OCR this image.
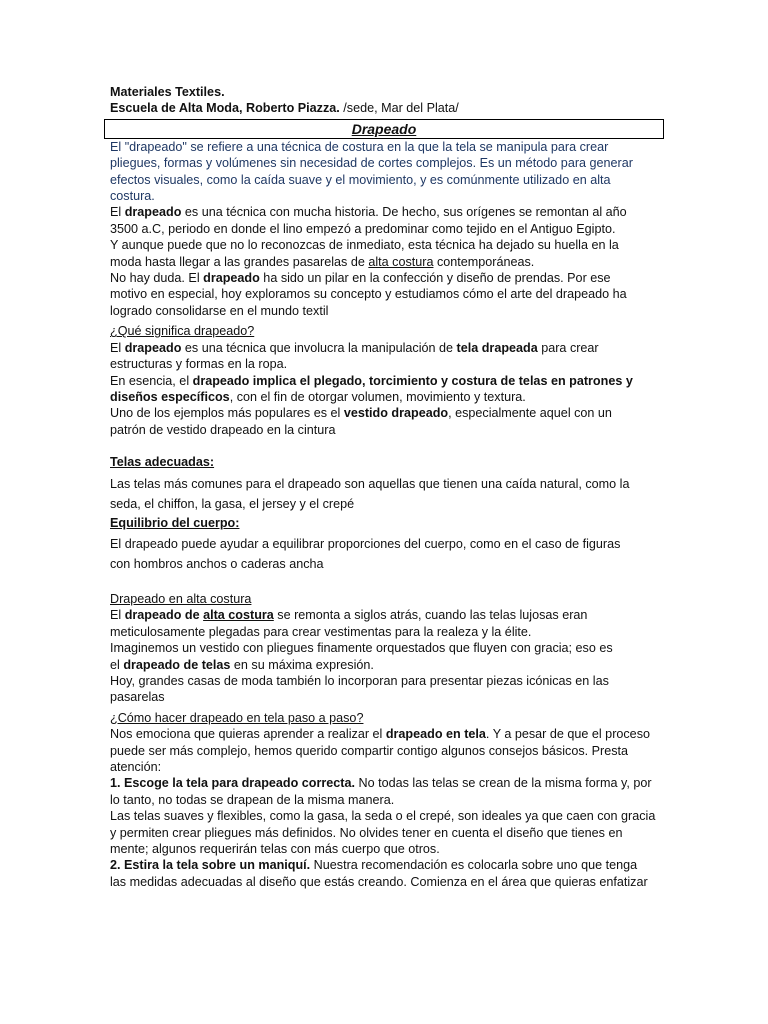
Materiales Textiles.
Escuela de Alta Moda, Roberto Piazza. /sede, Mar del Plata/
Drapeado
El "drapeado" se refiere a una técnica de costura en la que la tela se manipula para crear
pliegues, formas y volúmenes sin necesidad de cortes complejos. Es un método para generar
efectos visuales, como la caída suave y el movimiento, y es comúnmente utilizado en alta
costura.
El drapeado es una técnica con mucha historia. De hecho, sus orígenes se remontan al año
3500 a.C, periodo en donde el lino empezó a predominar como tejido en el Antiguo Egipto.
Y aunque puede que no lo reconozcas de inmediato, esta técnica ha dejado su huella en la
moda hasta llegar a las grandes pasarelas de alta costura contemporáneas.
No hay duda. El drapeado ha sido un pilar en la confección y diseño de prendas. Por ese
motivo en especial, hoy exploramos su concepto y estudiamos cómo el arte del drapeado ha
logrado consolidarse en el mundo textil
¿Qué significa drapeado?
El drapeado es una técnica que involucra la manipulación de tela drapeada para crear
estructuras y formas en la ropa.
En esencia, el drapeado implica el plegado, torcimiento y costura de telas en patrones y
diseños específicos, con el fin de otorgar volumen, movimiento y textura.
Uno de los ejemplos más populares es el vestido drapeado, especialmente aquel con un
patrón de vestido drapeado en la cintura
Telas adecuadas:
Las telas más comunes para el drapeado son aquellas que tienen una caída natural, como la
seda, el chiffon, la gasa, el jersey y el crepé
Equilibrio del cuerpo:
El drapeado puede ayudar a equilibrar proporciones del cuerpo, como en el caso de figuras
con hombros anchos o caderas ancha
Drapeado en alta costura
El drapeado de alta costura se remonta a siglos atrás, cuando las telas lujosas eran
meticulosamente plegadas para crear vestimentas para la realeza y la élite.
Imaginemos un vestido con pliegues finamente orquestados que fluyen con gracia; eso es
el drapeado de telas en su máxima expresión.
Hoy, grandes casas de moda también lo incorporan para presentar piezas icónicas en las
pasarelas
¿Cómo hacer drapeado en tela paso a paso?
Nos emociona que quieras aprender a realizar el drapeado en tela. Y a pesar de que el proceso
puede ser más complejo, hemos querido compartir contigo algunos consejos básicos. Presta
atención:
1. Escoge la tela para drapeado correcta. No todas las telas se crean de la misma forma y, por
lo tanto, no todas se drapean de la misma manera.
Las telas suaves y flexibles, como la gasa, la seda o el crepé, son ideales ya que caen con gracia
y permiten crear pliegues más definidos. No olvides tener en cuenta el diseño que tienes en
mente; algunos requerirán telas con más cuerpo que otros.
2. Estira la tela sobre un maniquí. Nuestra recomendación es colocarla sobre uno que tenga
las medidas adecuadas al diseño que estás creando. Comienza en el área que quieras enfatizar
